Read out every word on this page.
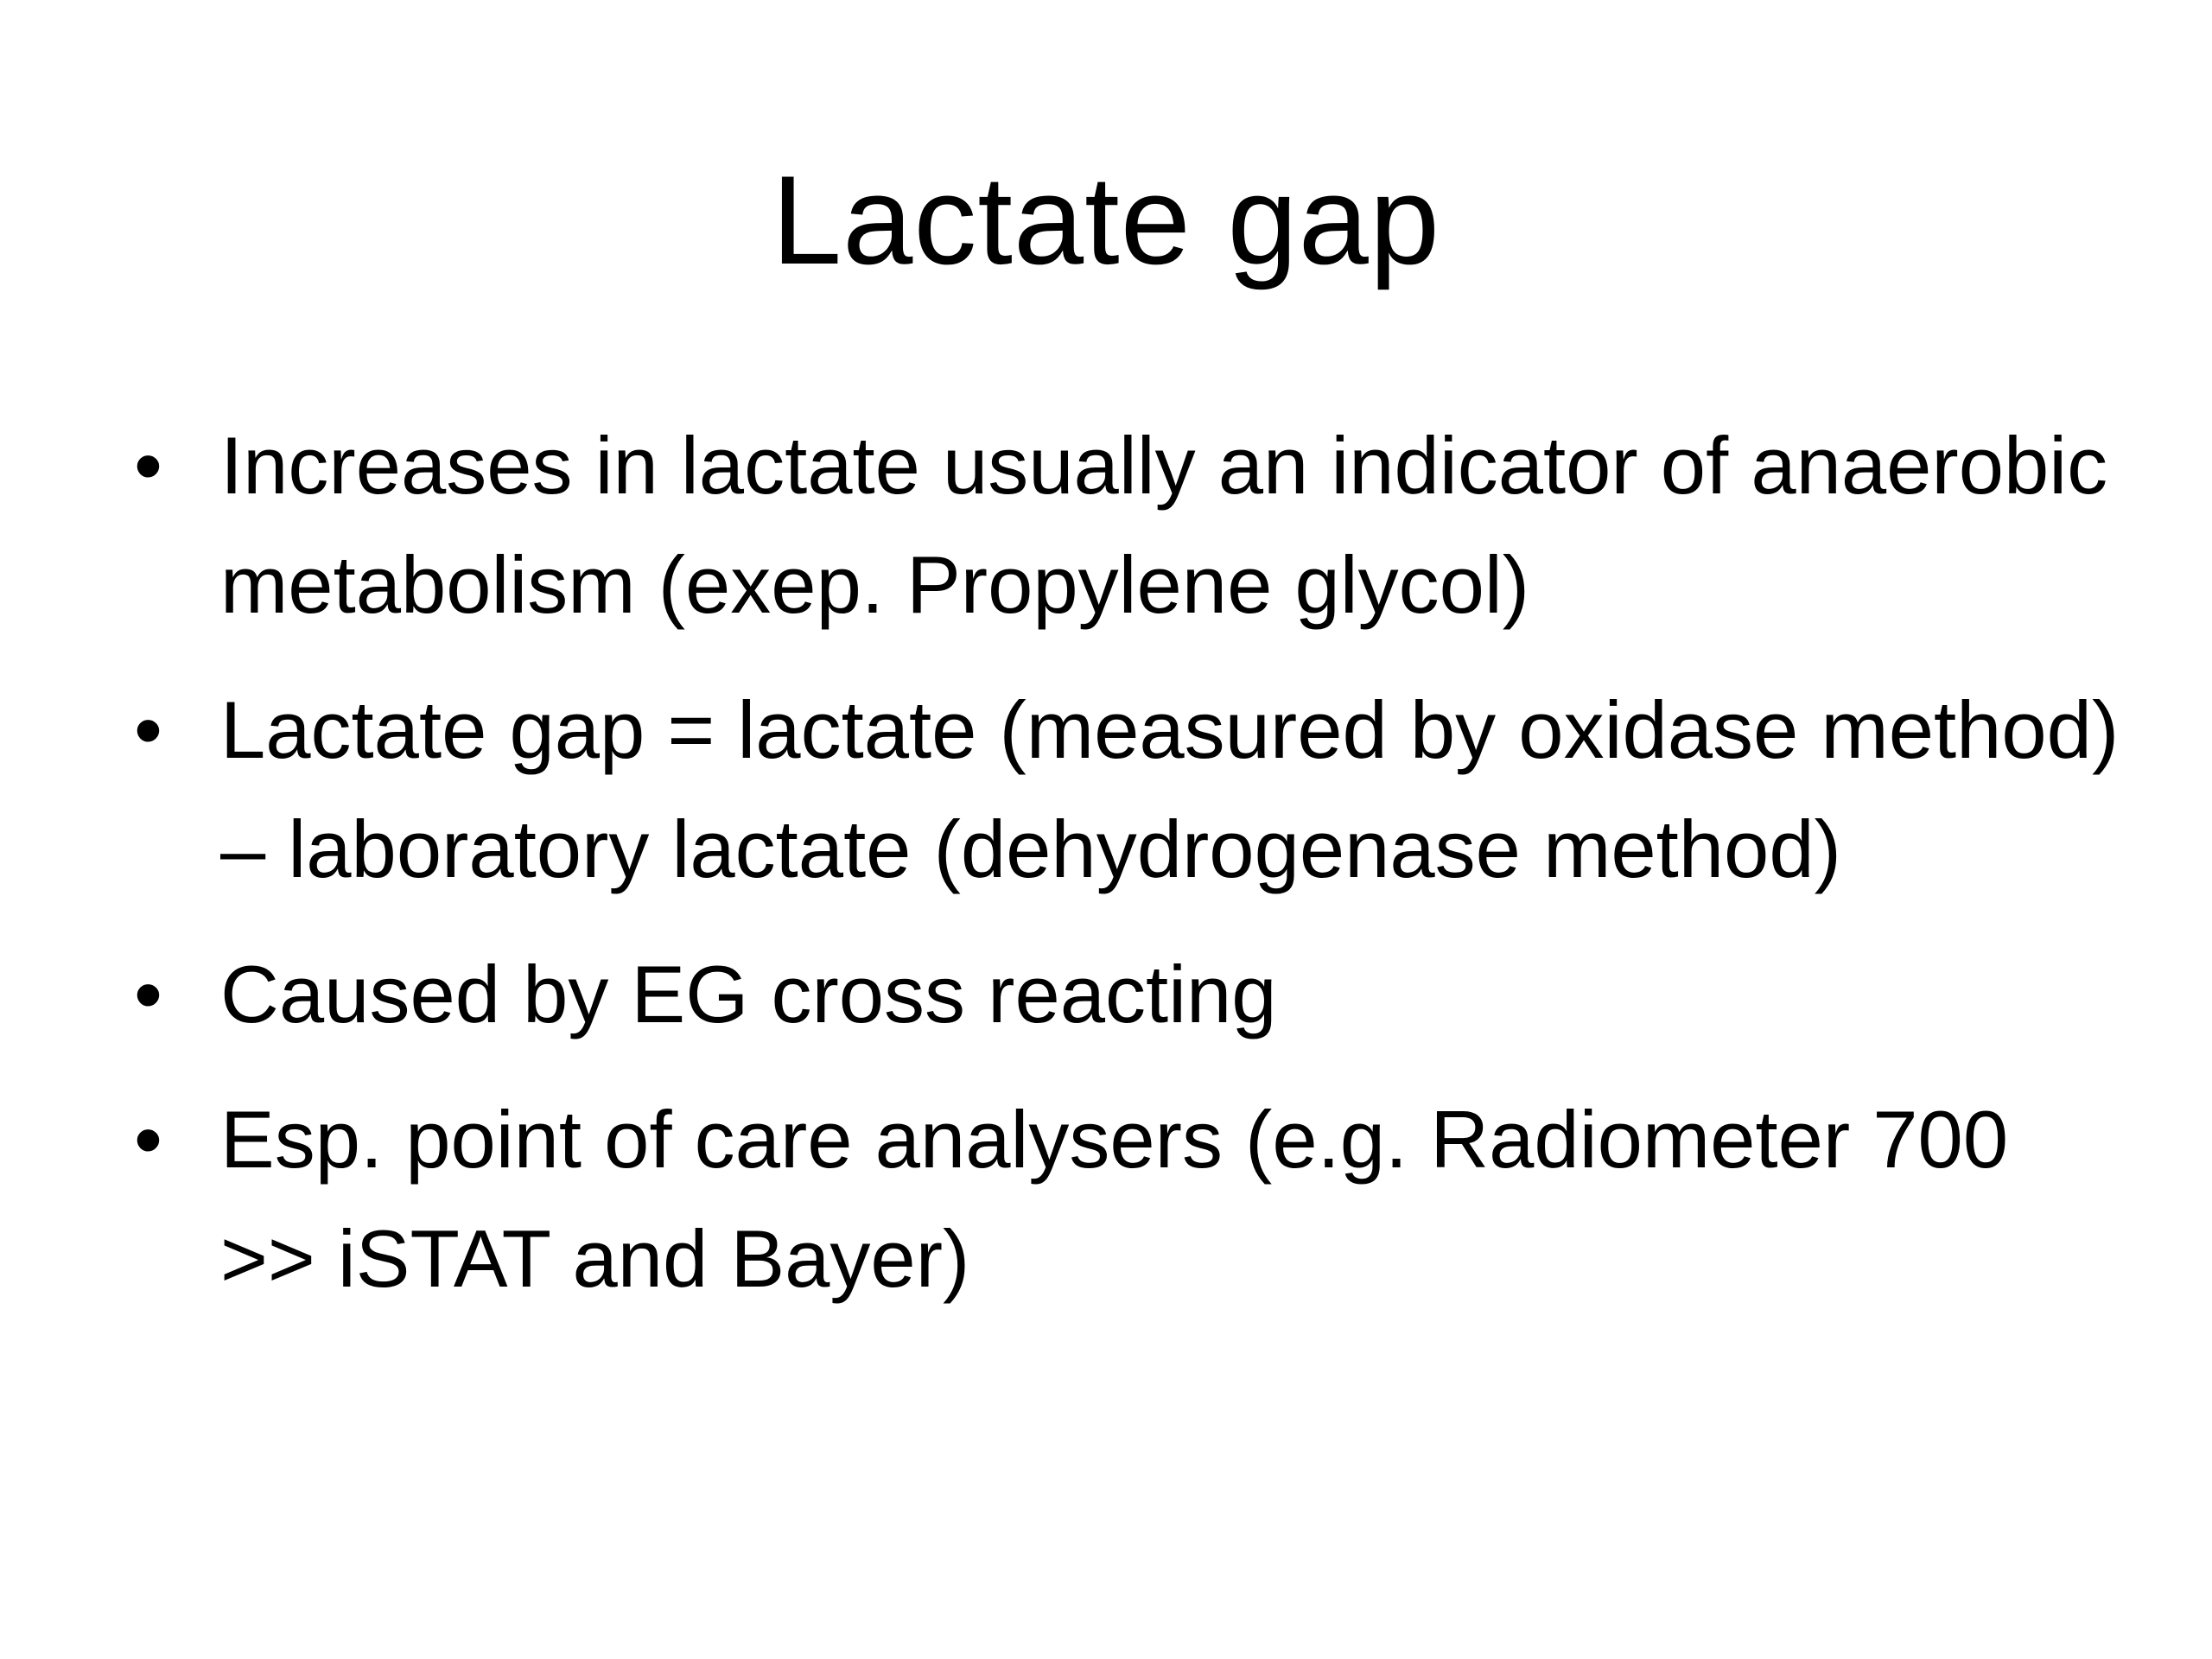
Lactate gap
• Increases in lactate usually an indicator of anaerobic metabolism (exep. Propylene glycol)
• Lactate gap = lactate (measured by oxidase method) – laboratory lactate (dehydrogenase method)
• Caused by EG cross reacting
• Esp. point of care analysers (e.g. Radiometer 700 >> iSTAT and Bayer)
